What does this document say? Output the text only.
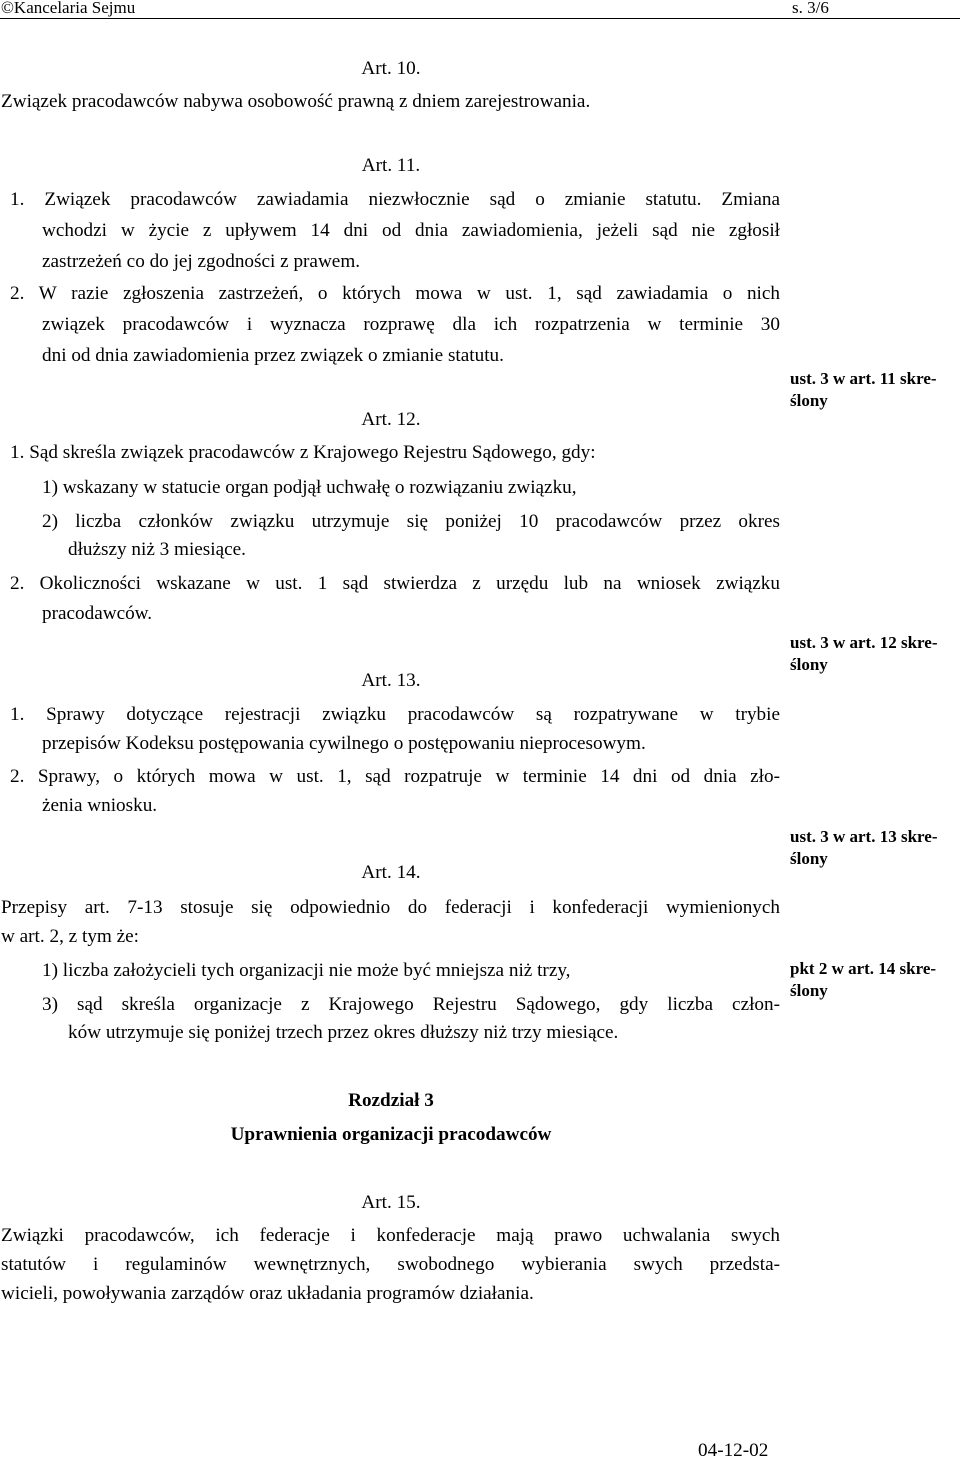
©Kancelaria Sejmu	s. 3/6
Art. 10.
Związek pracodawców nabywa osobowość prawną z dniem zarejestrowania.
Art. 11.
1. Związek pracodawców zawiadamia niezwłocznie sąd o zmianie statutu. Zmiana
wchodzi w życie z upływem 14 dni od dnia zawiadomienia, jeżeli sąd nie zgłosił
zastrzeżeń co do jej zgodności z prawem.
2. W razie zgłoszenia zastrzeżeń, o których mowa w ust. 1, sąd zawiadamia o nich
związek pracodawców i wyznacza rozprawę dla ich rozpatrzenia w terminie 30
dni od dnia zawiadomienia przez związek o zmianie statutu.
ust. 3 w art. 11 skre-
ślony
Art. 12.
1. Sąd skreśla związek pracodawców z Krajowego Rejestru Sądowego, gdy:
1) wskazany w statucie organ podjął uchwałę o rozwiązaniu związku,
2) liczba członków związku utrzymuje się poniżej 10 pracodawców przez okres
dłuższy niż 3 miesiące.
2. Okoliczności wskazane w ust. 1 sąd stwierdza z urzędu lub na wniosek związku
pracodawców.
ust. 3 w art. 12 skre-
ślony
Art. 13.
1. Sprawy dotyczące rejestracji związku pracodawców są rozpatrywane w trybie
przepisów Kodeksu postępowania cywilnego o postępowaniu nieprocesowym.
2. Sprawy, o których mowa w ust. 1, sąd rozpatruje w terminie 14 dni od dnia zło-
żenia wniosku.
ust. 3 w art. 13 skre-
ślony
Art. 14.
Przepisy art. 7-13 stosuje się odpowiednio do federacji i konfederacji wymienionych
w art. 2, z tym że:
1) liczba założycieli tych organizacji nie może być mniejsza niż trzy,
3) sąd skreśla organizacje z Krajowego Rejestru Sądowego, gdy liczba człon-
ków utrzymuje się poniżej trzech przez okres dłuższy niż trzy miesiące.
pkt 2 w art. 14 skre-
ślony
Rozdział 3
Uprawnienia organizacji pracodawców
Art. 15.
Związki pracodawców, ich federacje i konfederacje mają prawo uchwalania swych
statutów i regulaminów wewnętrznych, swobodnego wybierania swych przedsta-
wicieli, powoływania zarządów oraz układania programów działania.
04-12-02
